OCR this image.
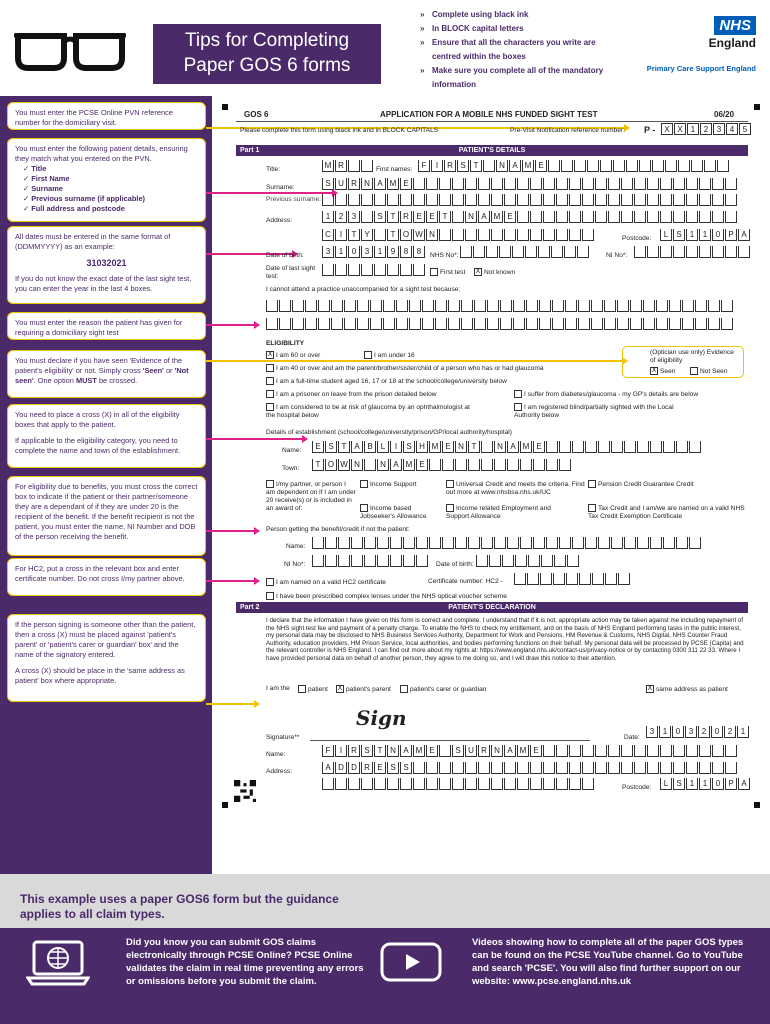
Tips for Completing
Paper GOS 6 forms
» Complete using black ink
» In BLOCK capital letters
» Ensure that all the characters you write are centred within the boxes
» Make sure you complete all of the mandatory information
NHS
England
Primary Care Support England
You must enter the PCSE Online PVN reference number for the domiciliary visit.
You must enter the following patient details, ensuring they match what you entered on the PVN.
✓ Title
✓ First Name
✓ Surname
✓ Previous surname (if applicable)
✓ Full address and postcode
All dates must be entered in the same format of (DDMMYYYY) as an example:
31032021
If you do not know the exact date of the last sight test, you can enter the year in the last 4 boxes.
You must enter the reason the patient has given for requiring a domiciliary sight test
You must declare if you have seen 'Evidence of the patient's eligibility' or not. Simply cross 'Seen' or 'Not seen'. One option MUST be crossed.
You need to place a cross (X) in all of the eligibility boxes that apply to the patient.
If applicable to the eligibility category, you need to complete the name and town of the establishment.
For eligibility due to benefits, you must cross the correct box to indicate if the patient or their partner/someone they are a dependant of if they are under 20 is the recipient of the benefit. If the benefit recipient is not the patient, you must enter the name, NI Number and DOB of the person receiving the benefit.
For HC2, put a cross in the relevant box and enter certificate number. Do not cross I/my partner above.
If the person signing is someone other than the patient, then a cross (X) must be placed against 'patient's parent' or 'patient's carer or guardian' box' and the name of the signatory entered.
A cross (X) should be place in the 'same address as patient' box where appropriate.
GOS 6	APPLICATION FOR A MOBILE NHS FUNDED SIGHT TEST	06/20
Please complete this form using black ink and in BLOCK CAPITALS	Pre-Visit Notification reference number: P -	X X	1	2	3	4	5
Part 1	PATIENT'S DETAILS
Title:	M R	First names:	F	I	R S T	N A M E
Surname:	S U R N A M E
Previous surname:
Address:	1	2	3	S T R E E T	N A M E
C	I	T Y	T O W N	Postcode:	L	S	1	1	0	P A
Date of birth:	3	1	0	3	1	9	8	8	NHS No*:	NI No*:
Date of last sight test:
First test X Not known
I cannot attend a practice unaccompanied for a sight test because:
ELIGIBILITY
X I am 60 or over	I am under 16
I am 40 or over and am the parent/brother/sister/child of a person who has or had glaucoma
I am a full-time student aged 16, 17 or 18 at the school/college/university below
I am a prisoner on leave from the prison detailed below	I suffer from diabetes/glaucoma - my GP's details are below
I am considered to be at risk of glaucoma by an ophthalmologist at the hospital below
I am registered blind/partially sighted with the Local Authority below
(Optician use only) Evidence of eligibility
X Seen	Not Seen
Details of establishment (school/college/university/prison/GP/local authority/hospital)
Name:	E S T A B	L	I	S H M E N T	N A M E
Town:	T O W N	N A M E
I/my partner, or person I am dependent on if I am under 20 receive(s) or is included in an award of:
Income Support	Universal Credit and meets the criteria. Find out more at www.nhsbsa.nhs.uk/UC
Pension Credit Guarantee Credit
Income based Jobseeker's Allowance
Income related Employment and Support Allowance
Tax Credit and I am/we are named on a valid NHS Tax Credit Exemption Certificate
Person getting the benefit/credit if not the patient:
Name:
NI No*:	Date of birth:
I am named on a valid HC2 certificate	Certificate number: HC2 -
I have been prescribed complex lenses under the NHS optical voucher scheme
Part 2	PATIENT'S DECLARATION
I declare that the information I have given on this form is correct and complete. I understand that if it is not, appropriate action may be taken against me including repayment of the NHS sight test fee and payment of a penalty charge. To enable the NHS to check my entitlement, and on the basis of NHS England performing tasks in the public interest, my personal data may be disclosed to NHS Business Services Authority, Department for Work and Pensions, HM Revenue & Customs, NHS Digital, NHS Counter Fraud Authority, education providers, HM Prison Service, local authorities, and bodies performing functions on their behalf. My personal data will be processed by PCSE (Capita) and the relevant controller is NHS England. I can find out more about my rights at: https://www.england.nhs.uk/contact-us/privacy-notice or by contacting 0300 311 22 33. Where I have provided personal data on behalf of another person, they agree to me doing so, and I will draw this notice to their attention.
I am the	patient X patient's parent	patient's carer or guardian	X same address as patient
Sign
Signature**	Date:
3	1	0	3	2	0	2	1
Name:	F	I	R S T N A M E	S U R N A M E
Address:	A D D R E S S
Postcode:	L	S	1	1	0	P A
This example uses a paper GOS6 form but the guidance applies to all claim types.
Did you know you can submit GOS claims electronically through PCSE Online? PCSE Online validates the claim in real time preventing any errors or omissions before you submit the claim.
Videos showing how to complete all of the paper GOS types can be found on the PCSE YouTube channel. Go to YouTube and search 'PCSE'. You will also find further support on our website: www.pcse.england.nhs.uk
